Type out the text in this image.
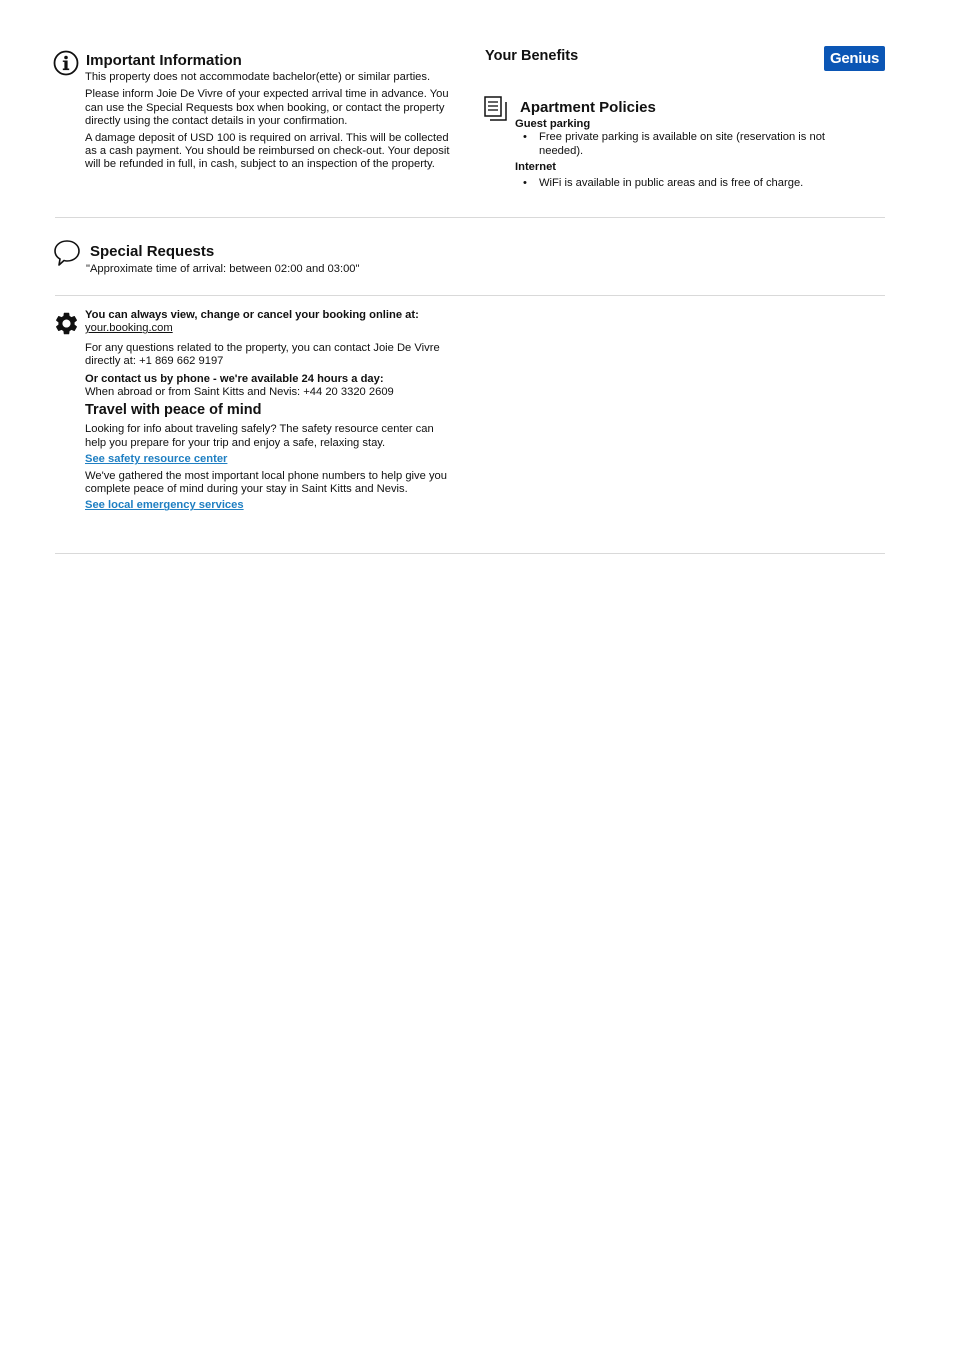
Important Information
This property does not accommodate bachelor(ette) or similar parties.
Please inform Joie De Vivre of your expected arrival time in advance. You can use the Special Requests box when booking, or contact the property directly using the contact details in your confirmation.
A damage deposit of USD 100 is required on arrival. This will be collected as a cash payment. You should be reimbursed on check-out. Your deposit will be refunded in full, in cash, subject to an inspection of the property.
Your Benefits	Genius
Apartment Policies
Guest parking
• Free private parking is available on site (reservation is not needed).
Internet
• WiFi is available in public areas and is free of charge.
Special Requests
"Approximate time of arrival: between 02:00 and 03:00"
You can always view, change or cancel your booking online at:
your.booking.com
For any questions related to the property, you can contact Joie De Vivre directly at: +1 869 662 9197
Or contact us by phone - we're available 24 hours a day:
When abroad or from Saint Kitts and Nevis: +44 20 3320 2609
Travel with peace of mind
Looking for info about traveling safely? The safety resource center can help you prepare for your trip and enjoy a safe, relaxing stay.
See safety resource center
We've gathered the most important local phone numbers to help give you complete peace of mind during your stay in Saint Kitts and Nevis.
See local emergency services
